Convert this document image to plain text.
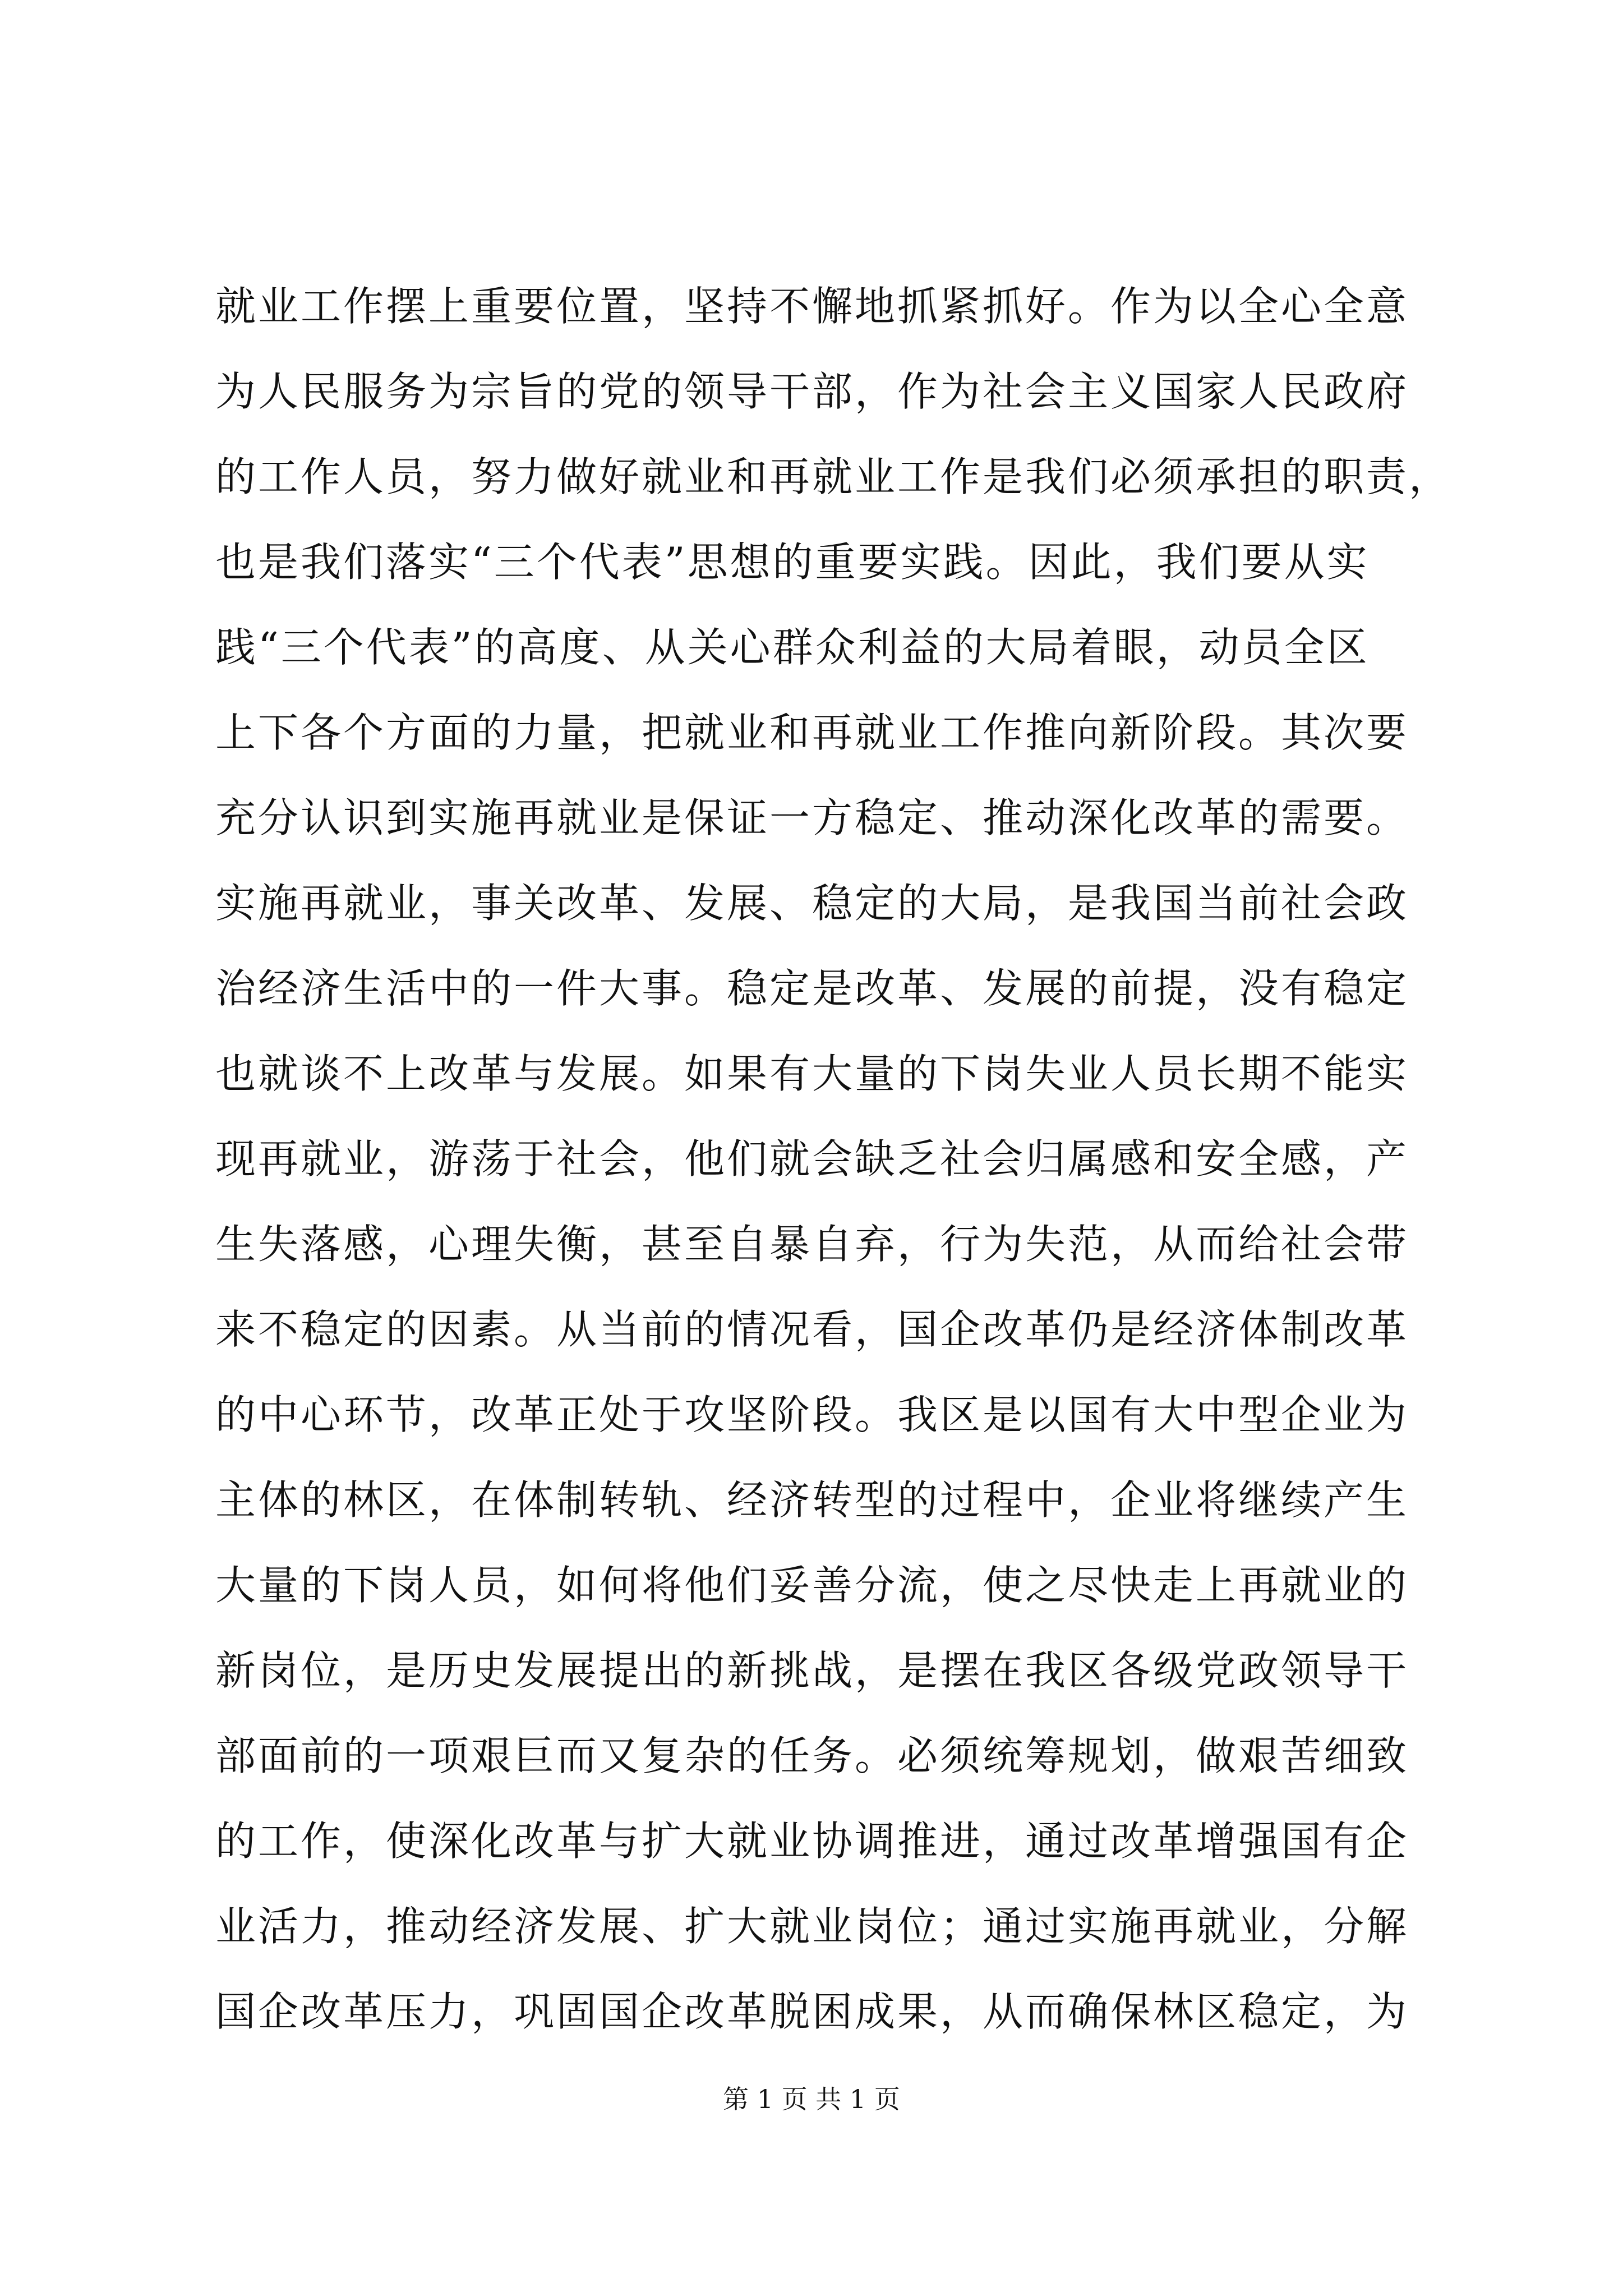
就业工作摆上重要位置，坚持不懈地抓紧抓好。作为以全心全意
为人民服务为宗旨的党的领导干部，作为社会主义国家人民政府
的工作人员，努力做好就业和再就业工作是我们必须承担的职责，
也是我们落实“三个代表”思想的重要实践。因此，我们要从实
践“三个代表”的高度、从关心群众利益的大局着眼，动员全区
上下各个方面的力量，把就业和再就业工作推向新阶段。其次要
充分认识到实施再就业是保证一方稳定、推动深化改革的需要。
实施再就业，事关改革、发展、稳定的大局，是我国当前社会政
治经济生活中的一件大事。稳定是改革、发展的前提，没有稳定
也就谈不上改革与发展。如果有大量的下岗失业人员长期不能实
现再就业，游荡于社会，他们就会缺乏社会归属感和安全感，产
生失落感，心理失衡，甚至自暴自弃，行为失范，从而给社会带
来不稳定的因素。从当前的情况看，国企改革仍是经济体制改革
的中心环节，改革正处于攻坚阶段。我区是以国有大中型企业为
主体的林区，在体制转轨、经济转型的过程中，企业将继续产生
大量的下岗人员，如何将他们妥善分流，使之尽快走上再就业的
新岗位，是历史发展提出的新挑战，是摆在我区各级党政领导干
部面前的一项艰巨而又复杂的任务。必须统筹规划，做艰苦细致
的工作，使深化改革与扩大就业协调推进，通过改革增强国有企
业活力，推动经济发展、扩大就业岗位；通过实施再就业，分解
国企改革压力，巩固国企改革脱困成果，从而确保林区稳定，为
第 1 页 共 1 页
